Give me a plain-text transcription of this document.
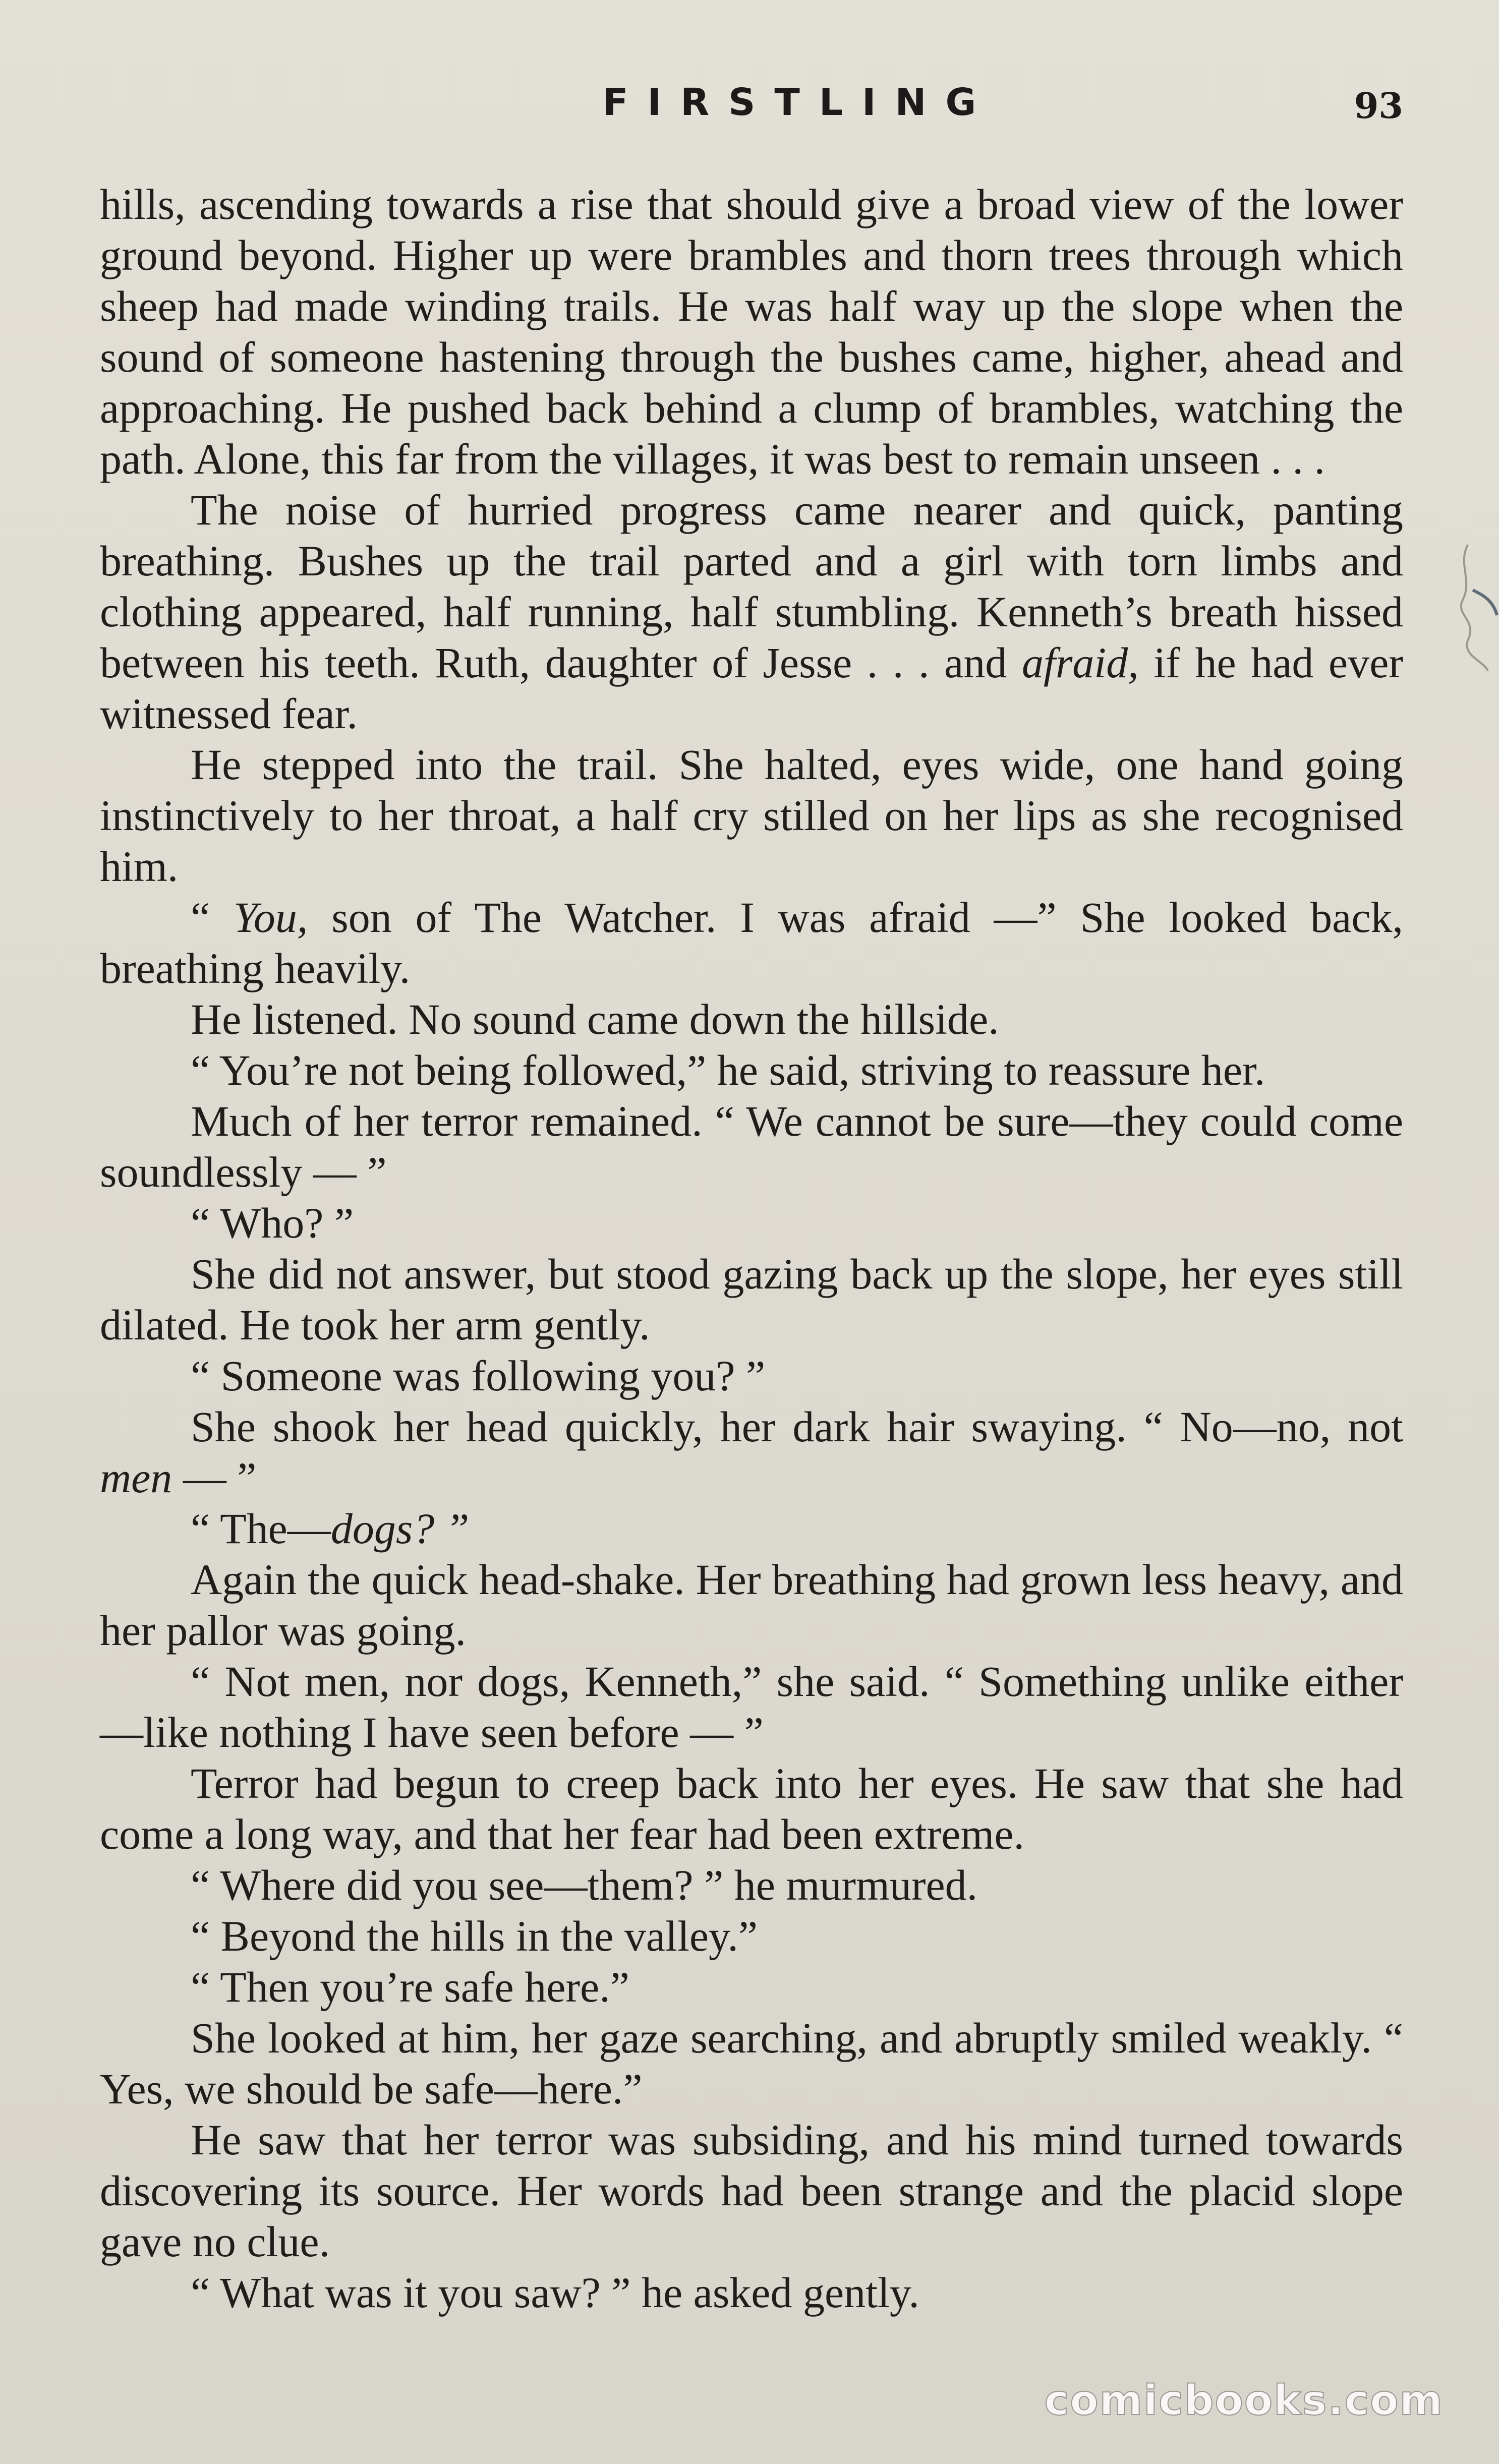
FIRSTLING	93

hills, ascending towards a rise that should give a broad view of the lower ground beyond. Higher up were brambles and thorn trees through which sheep had made winding trails. He was half way up the slope when the sound of someone hastening through the bushes came, higher, ahead and approaching. He pushed back behind a clump of brambles, watching the path. Alone, this far from the villages, it was best to remain unseen . . .

The noise of hurried progress came nearer and quick, panting breathing. Bushes up the trail parted and a girl with torn limbs and clothing appeared, half running, half stumbling. Kenneth’s breath hissed between his teeth. Ruth, daughter of Jesse . . . and afraid, if he had ever witnessed fear.

He stepped into the trail. She halted, eyes wide, one hand going instinctively to her throat, a half cry stilled on her lips as she recognised him.

“ You, son of The Watcher. I was afraid —” She looked back, breathing heavily.

He listened. No sound came down the hillside.

“ You’re not being followed,” he said, striving to reassure her.

Much of her terror remained. “ We cannot be sure—they could come soundlessly — ”

“ Who? ”

She did not answer, but stood gazing back up the slope, her eyes still dilated. He took her arm gently.

“ Someone was following you? ”

She shook her head quickly, her dark hair swaying. “ No—no, not men — ”

“ The—dogs? ”

Again the quick head-shake. Her breathing had grown less heavy, and her pallor was going.

“ Not men, nor dogs, Kenneth,” she said. “ Something unlike either—like nothing I have seen before — ”

Terror had begun to creep back into her eyes. He saw that she had come a long way, and that her fear had been extreme.

“ Where did you see—them? ” he murmured.

“ Beyond the hills in the valley.”

“ Then you’re safe here.”

She looked at him, her gaze searching, and abruptly smiled weakly. “ Yes, we should be safe—here.”

He saw that her terror was subsiding, and his mind turned towards discovering its source. Her words had been strange and the placid slope gave no clue.

“ What was it you saw? ” he asked gently.

comicbooks.com
